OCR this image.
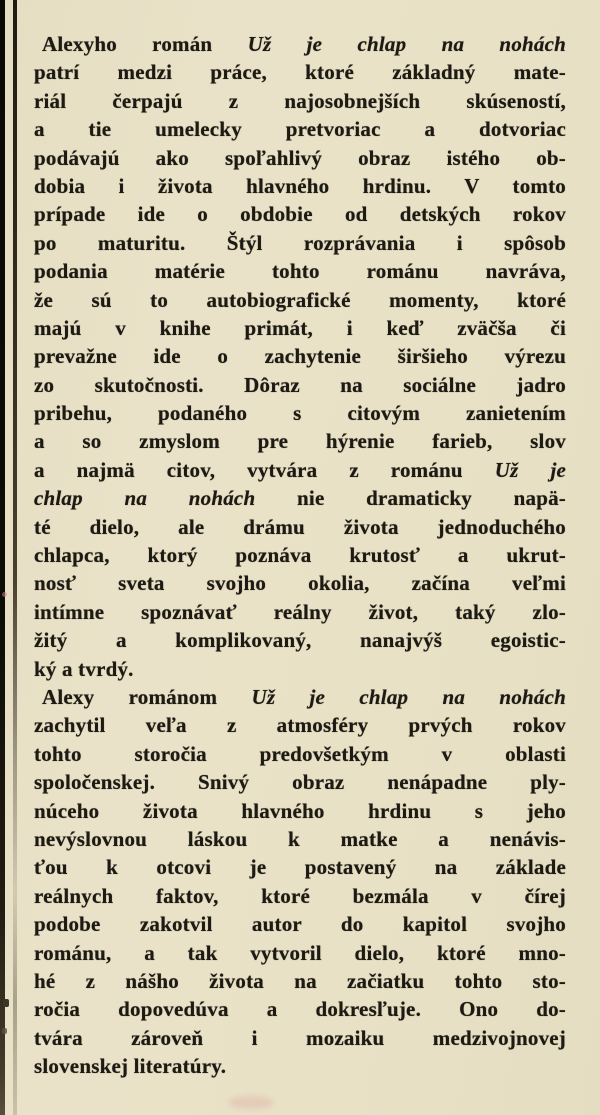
Alexyho román Už je chlap na nohách
patrí medzi práce, ktoré základný mate-
riál čerpajú z najosobnejších skúseností,
a tie umelecky pretvoriac a dotvoriac
podávajú ako spoľahlivý obraz istého ob-
dobia i života hlavného hrdinu. V tomto
prípade ide o obdobie od detských rokov
po maturitu. Štýl rozprávania i spôsob
podania matérie tohto románu navráva,
že sú to autobiografické momenty, ktoré
majú v knihe primát, i keď zväčša či
prevažne ide o zachytenie širšieho výrezu
zo skutočnosti. Dôraz na sociálne jadro
pribehu, podaného s citovým zanietením
a so zmyslom pre hýrenie farieb, slov
a najmä citov, vytvára z románu Už je
chlap na nohách nie dramaticky napä-
té dielo, ale drámu života jednoduchého
chlapca, ktorý poznáva krutosť a ukrut-
nosť sveta svojho okolia, začína veľmi
intímne spoznávať reálny život, taký zlo-
žitý a komplikovaný, nanajvýš egoistic-
ký a tvrdý.
Alexy románom Už je chlap na nohách
zachytil veľa z atmosféry prvých rokov
tohto storočia predovšetkým v oblasti
spoločenskej. Snivý obraz nenápadne ply-
núceho života hlavného hrdinu s jeho
nevýslovnou láskou k matke a nenávis-
ťou k otcovi je postavený na základe
reálnych faktov, ktoré bezmála v čírej
podobe zakotvil autor do kapitol svojho
románu, a tak vytvoril dielo, ktoré mno-
hé z nášho života na začiatku tohto sto-
ročia dopovedúva a dokresľuje. Ono do-
tvára zároveň i mozaiku medzivojnovej
slovenskej literatúry.
